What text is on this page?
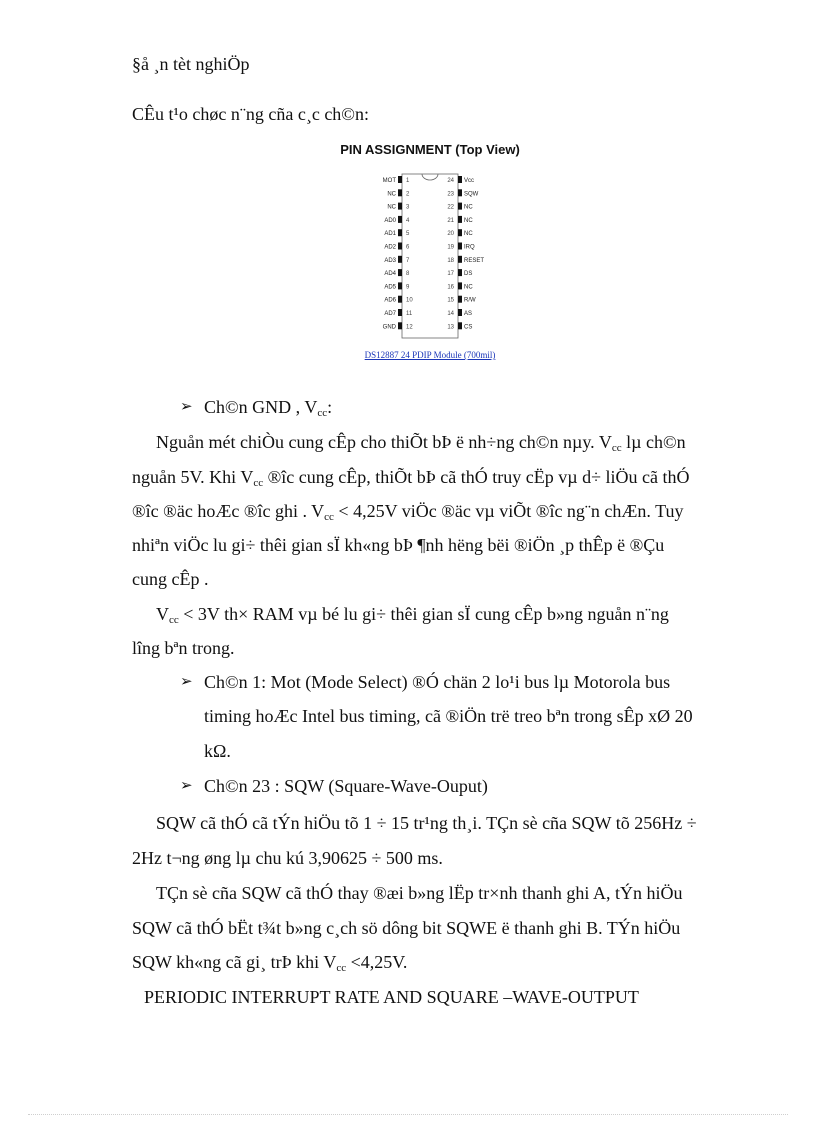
§å ¸n tèt nghiÖp
CÊu t¹o chøc n¨ng cña c¸c ch©n:
PIN ASSIGNMENT (Top View)
MOT 1
NC 2
NC 3
AD0 4
AD1 5
AD2 6
AD3 7
AD4 8
AD5 9
AD6 10
AD7 11
GND 12
Vcc
24
SQW
23
NC
22
NC
21
NC
20
IRQ
19
RESET
18
DS
17
NC
16
R/W
15
AS
14
CS
13
DS12887 24 PDIP Module (700mil)
➢ Ch©n GND , $V_{cc}$:
Nguån mét chiÒu cung cÊp cho thiÕt bÞ ë nh÷ng ch©n nµy. $V_{cc}$ lµ ch©n
nguån 5V. Khi $V_{cc}$ ®îc cung cÊp, thiÕt bÞ cã thÓ truy cËp vµ d÷ liÖu cã thÓ
®îc ®äc hoÆc ®îc ghi . $V_{cc} < 4,25V$ viÖc ®äc vµ viÕt ®îc ng¨n chÆn. Tuy
nhiªn viÖc lu gi÷ thêi gian sÏ kh«ng bÞ ¶nh hëng bëi ®iÖn ¸p thÊp ë ®Çu
cung cÊp .
$V_{cc} < 3V$ th× RAM vµ bé lu gi÷ thêi gian sÏ cung cÊp b»ng nguån n¨ng
lîng bªn trong.
➢ Ch©n 1: Mot (Mode Select) ®Ó chän 2 lo¹i bus lµ Motorola bus
timing hoÆc Intel bus timing, cã ®iÖn trë treo bªn trong sÊp xØ 20
kΩ.
➢ Ch©n 23 : SQW (Square-Wave-Ouput)
SQW cã thÓ cã tÝn hiÖu tõ 1 ÷ 15 tr¹ng th¸i. TÇn sè cña SQW tõ 256Hz ÷
2Hz t¬ng øng lµ chu kú 3,90625 ÷ 500 ms.
TÇn sè cña SQW cã thÓ thay ®æi b»ng lËp tr×nh thanh ghi A, tÝn hiÖu
SQW cã thÓ bËt t¾t b»ng c¸ch sö dông bit SQWE ë thanh ghi B. TÝn hiÖu
SQW kh«ng cã gi¸ trÞ khi $V_{cc} <4,25V$.
PERIODIC INTERRUPT RATE AND SQUARE –WAVE-OUTPUT
